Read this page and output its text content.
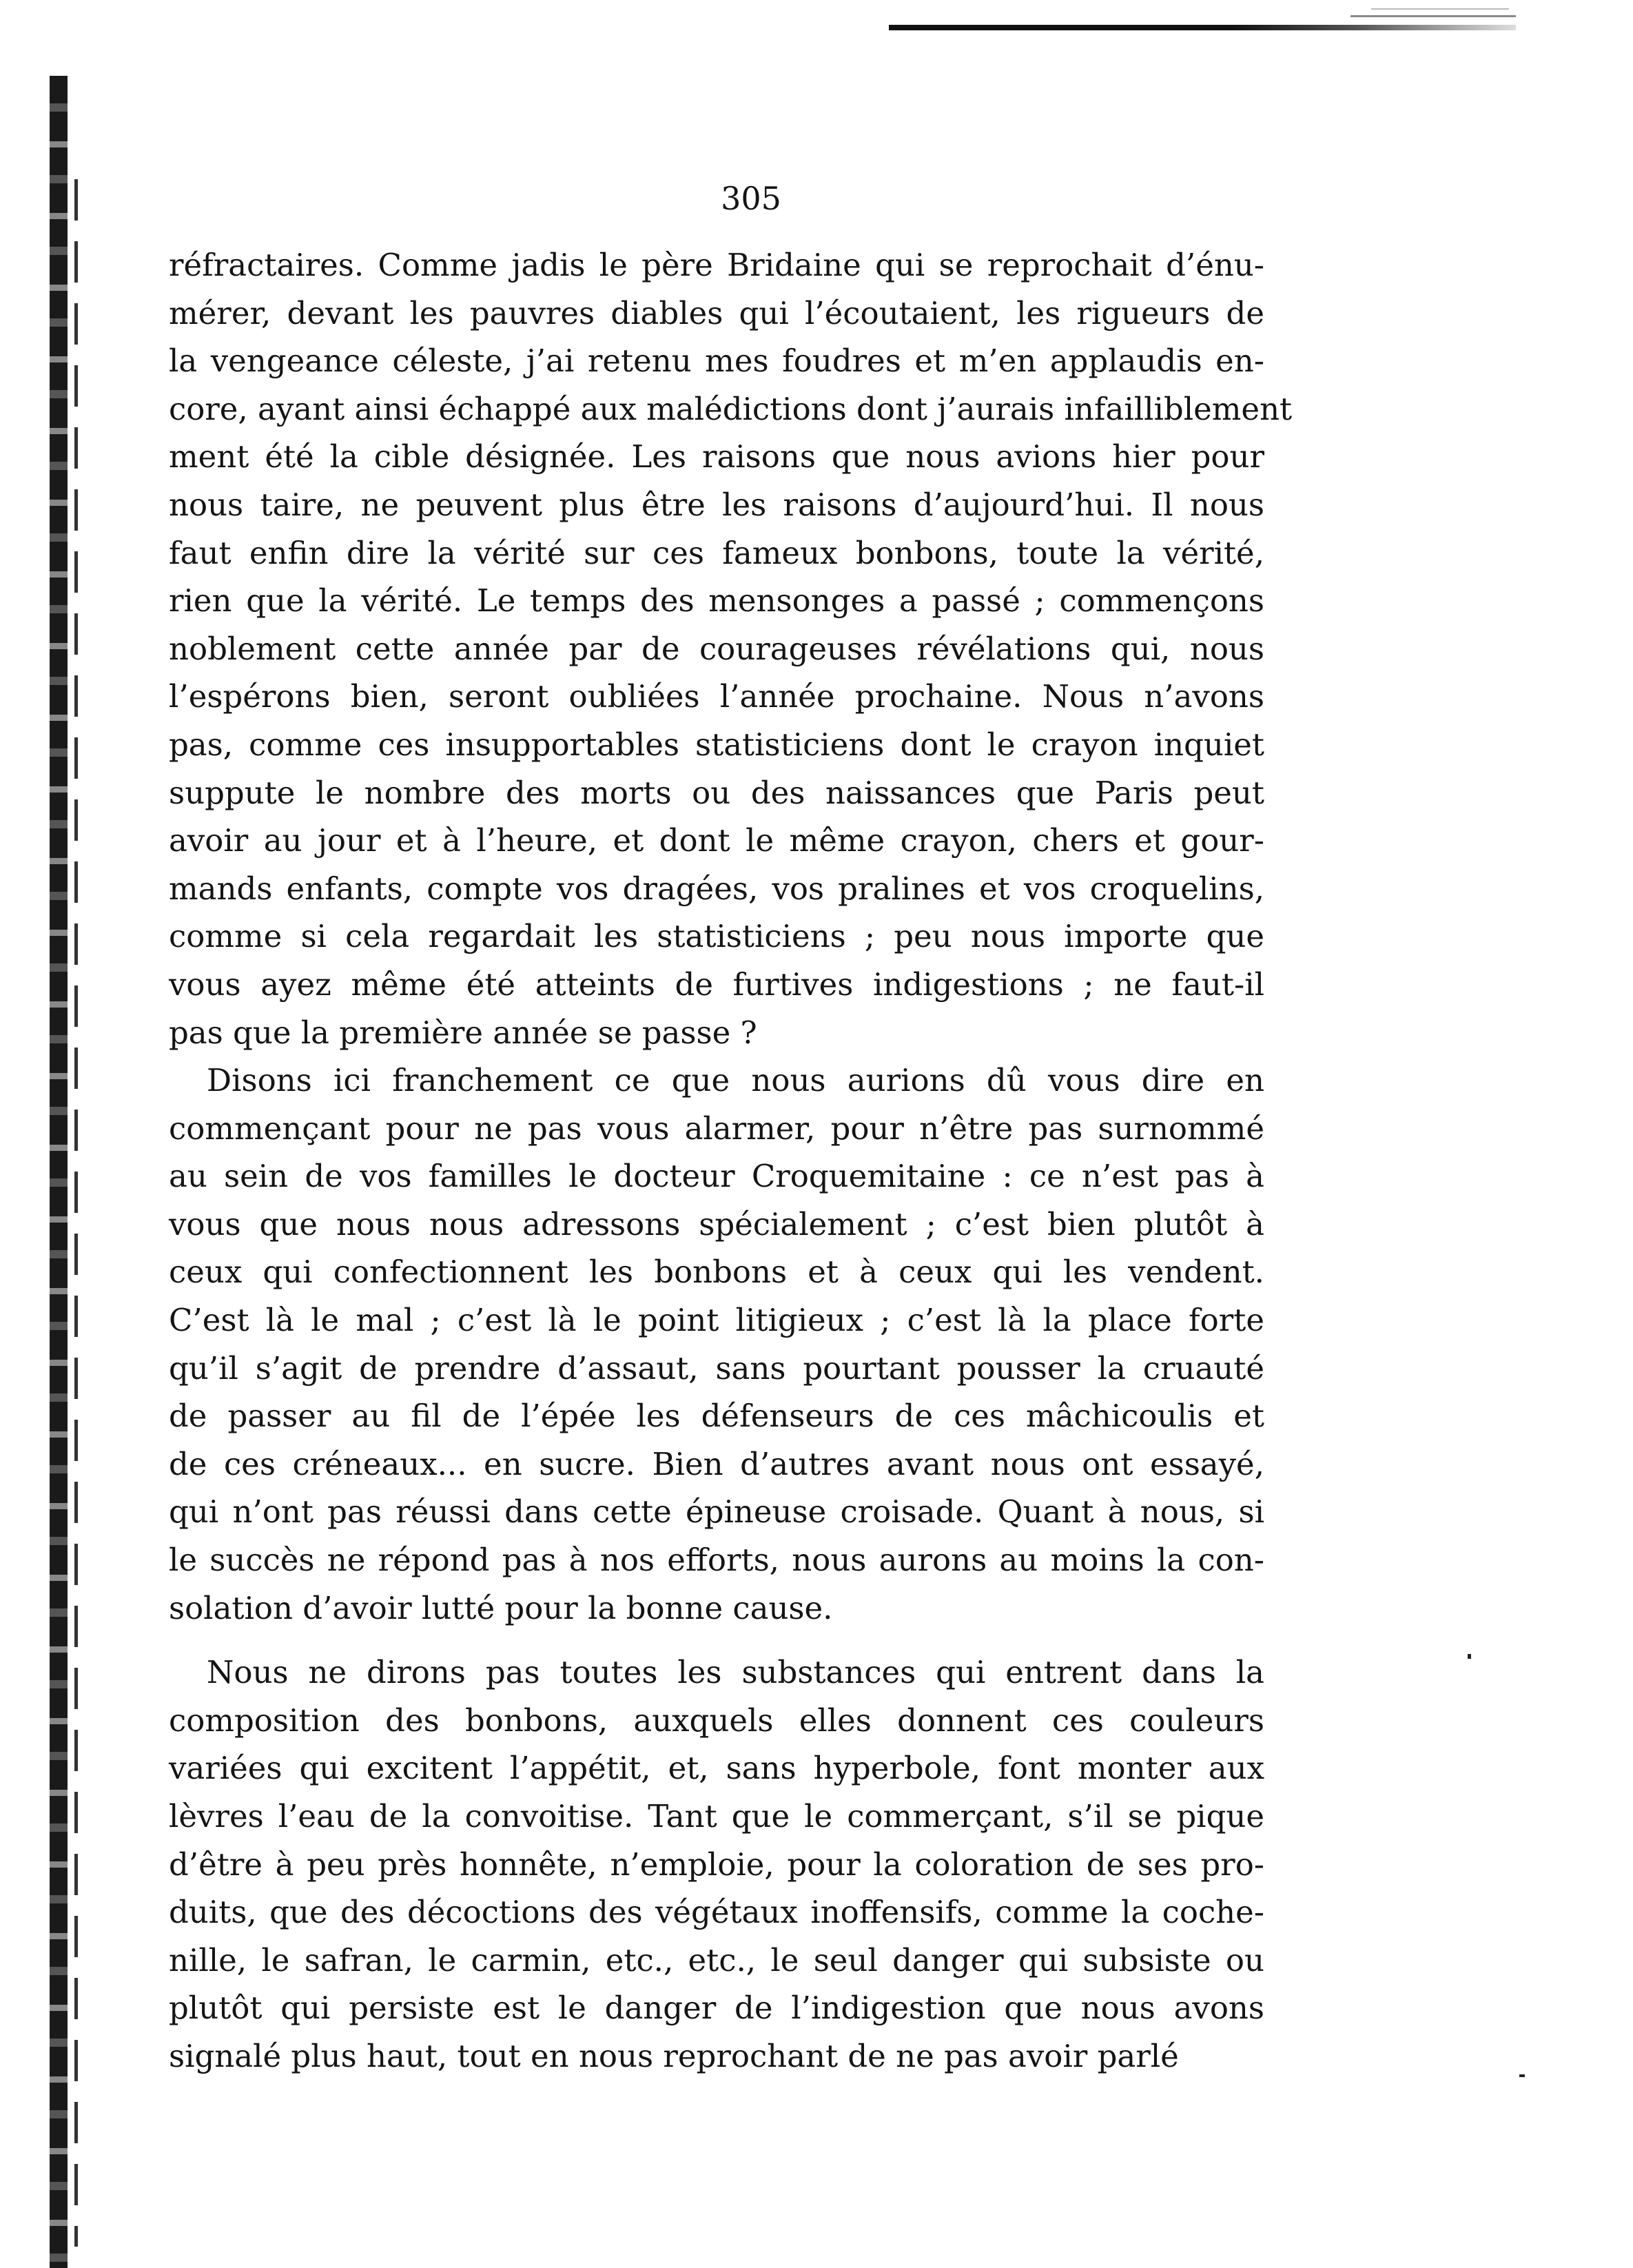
305
réfractaires. Comme jadis le père Bridaine qui se reprochait d’énu-
mérer, devant les pauvres diables qui l’écoutaient, les rigueurs de
la vengeance céleste, j’ai retenu mes foudres et m’en applaudis en-
core, ayant ainsi échappé aux malédictions dont j’aurais infailliblement
ment été la cible désignée. Les raisons que nous avions hier pour
nous taire, ne peuvent plus être les raisons d’aujourd’hui. Il nous
faut enfin dire la vérité sur ces fameux bonbons, toute la vérité,
rien que la vérité. Le temps des mensonges a passé ; commençons
noblement cette année par de courageuses révélations qui, nous
l’espérons bien, seront oubliées l’année prochaine. Nous n’avons
pas, comme ces insupportables statisticiens dont le crayon inquiet
suppute le nombre des morts ou des naissances que Paris peut
avoir au jour et à l’heure, et dont le même crayon, chers et gour-
mands enfants, compte vos dragées, vos pralines et vos croquelins,
comme si cela regardait les statisticiens ; peu nous importe que
vous ayez même été atteints de furtives indigestions ; ne faut-il
pas que la première année se passe ?
Disons ici franchement ce que nous aurions dû vous dire en
commençant pour ne pas vous alarmer, pour n’être pas surnommé
au sein de vos familles le docteur Croquemitaine : ce n’est pas à
vous que nous nous adressons spécialement ; c’est bien plutôt à
ceux qui confectionnent les bonbons et à ceux qui les vendent.
C’est là le mal ; c’est là le point litigieux ; c’est là la place forte
qu’il s’agit de prendre d’assaut, sans pourtant pousser la cruauté
de passer au fil de l’épée les défenseurs de ces mâchicoulis et
de ces créneaux... en sucre. Bien d’autres avant nous ont essayé,
qui n’ont pas réussi dans cette épineuse croisade. Quant à nous, si
le succès ne répond pas à nos efforts, nous aurons au moins la con-
solation d’avoir lutté pour la bonne cause.
Nous ne dirons pas toutes les substances qui entrent dans la
composition des bonbons, auxquels elles donnent ces couleurs
variées qui excitent l’appétit, et, sans hyperbole, font monter aux
lèvres l’eau de la convoitise. Tant que le commerçant, s’il se pique
d’être à peu près honnête, n’emploie, pour la coloration de ses pro-
duits, que des décoctions des végétaux inoffensifs, comme la coche-
nille, le safran, le carmin, etc., etc., le seul danger qui subsiste ou
plutôt qui persiste est le danger de l’indigestion que nous avons
signalé plus haut, tout en nous reprochant de ne pas avoir parlé
